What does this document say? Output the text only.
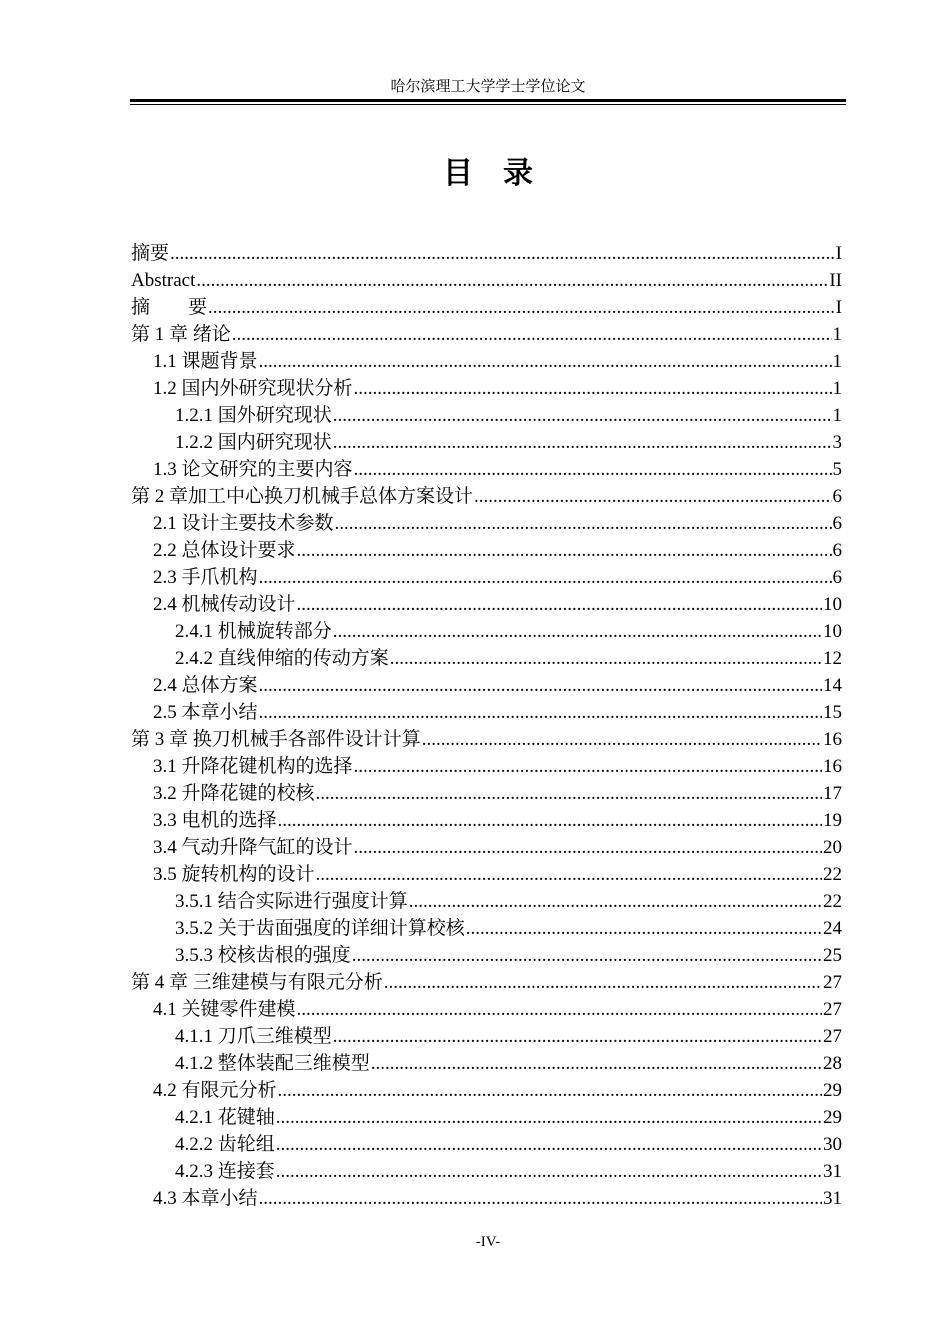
哈尔滨理工大学学士学位论文
目 录
摘要 .....	I
Abstract .....	II
摘　　要 .....	I
第 1 章 绪论 .....	1
1.1 课题背景 .....	1
1.2 国内外研究现状分析 .....	1
1.2.1 国外研究现状 .....	1
1.2.2 国内研究现状 .....	3
1.3 论文研究的主要内容 .....	5
第 2 章加工中心换刀机械手总体方案设计 .....	6
2.1 设计主要技术参数 .....	6
2.2 总体设计要求 .....	6
2.3 手爪机构 .....	6
2.4 机械传动设计 .....	10
2.4.1 机械旋转部分 .....	10
2.4.2 直线伸缩的传动方案 .....	12
2.4 总体方案 .....	14
2.5 本章小结 .....	15
第 3 章 换刀机械手各部件设计计算 .....	16
3.1 升降花键机构的选择 .....	16
3.2 升降花键的校核 .....	17
3.3 电机的选择 .....	19
3.4 气动升降气缸的设计 .....	20
3.5 旋转机构的设计 .....	22
3.5.1 结合实际进行强度计算 .....	22
3.5.2 关于齿面强度的详细计算校核 .....	24
3.5.3 校核齿根的强度 .....	25
第 4 章 三维建模与有限元分析 .....	27
4.1 关键零件建模 .....	27
4.1.1 刀爪三维模型 .....	27
4.1.2 整体装配三维模型 .....	28
4.2 有限元分析 .....	29
4.2.1 花键轴 .....	29
4.2.2 齿轮组 .....	30
4.2.3 连接套 .....	31
4.3 本章小结 .....	31
-IV-
